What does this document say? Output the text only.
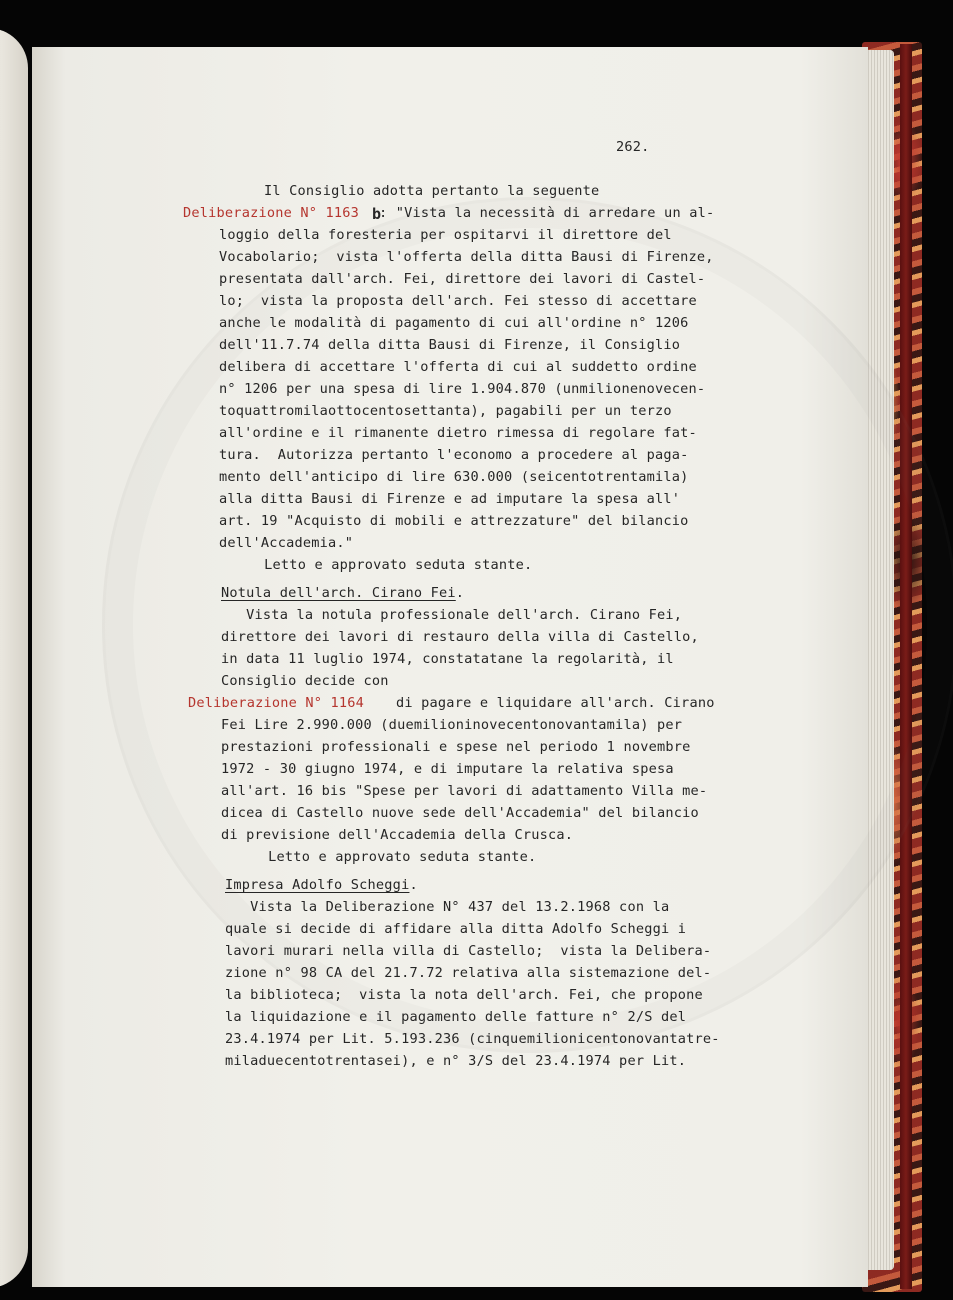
262.

Il Consiglio adotta pertanto la seguente

Deliberazione N° 1163 b

: "Vista la necessità di arredare un al-

loggio della foresteria per ospitarvi il direttore del

Vocabolario;  vista l'offerta della ditta Bausi di Firenze,

presentata dall'arch. Fei, direttore dei lavori di Castel-

lo;  vista la proposta dell'arch. Fei stesso di accettare

anche le modalità di pagamento di cui all'ordine n° 1206

dell'11.7.74 della ditta Bausi di Firenze, il Consiglio

delibera di accettare l'offerta di cui al suddetto ordine

n° 1206 per una spesa di lire 1.904.870 (unmilionenovecen-

toquattromilaottocentosettanta), pagabili per un terzo

all'ordine e il rimanente dietro rimessa di regolare fat-

tura.  Autorizza pertanto l'economo a procedere al paga-

mento dell'anticipo di lire 630.000 (seicentotrentamila)

alla ditta Bausi di Firenze e ad imputare la spesa all'

art. 19 "Acquisto di mobili e attrezzature" del bilancio

dell'Accademia."

Letto e approvato seduta stante.

Notula dell'arch. Cirano Fei.

Vista la notula professionale dell'arch. Cirano Fei,

direttore dei lavori di restauro della villa di Castello,

in data 11 luglio 1974, constatatane la regolarità, il

Consiglio decide con

Deliberazione N° 1164 di pagare e liquidare all'arch. Cirano

Fei Lire 2.990.000 (duemilioninovecentonovantamila) per

prestazioni professionali e spese nel periodo 1 novembre

1972 - 30 giugno 1974, e di imputare la relativa spesa

all'art. 16 bis "Spese per lavori di adattamento Villa me-

dicea di Castello nuove sede dell'Accademia" del bilancio

di previsione dell'Accademia della Crusca.

Letto e approvato seduta stante.

Impresa Adolfo Scheggi.

Vista la Deliberazione N° 437 del 13.2.1968 con la

quale si decide di affidare alla ditta Adolfo Scheggi i

lavori murari nella villa di Castello;  vista la Delibera-

zione n° 98 CA del 21.7.72 relativa alla sistemazione del-

la biblioteca;  vista la nota dell'arch. Fei, che propone

la liquidazione e il pagamento delle fatture n° 2/S del

23.4.1974 per Lit. 5.193.236 (cinquemilionicentonovantatre-

miladuecentotrentasei), e n° 3/S del 23.4.1974 per Lit.
